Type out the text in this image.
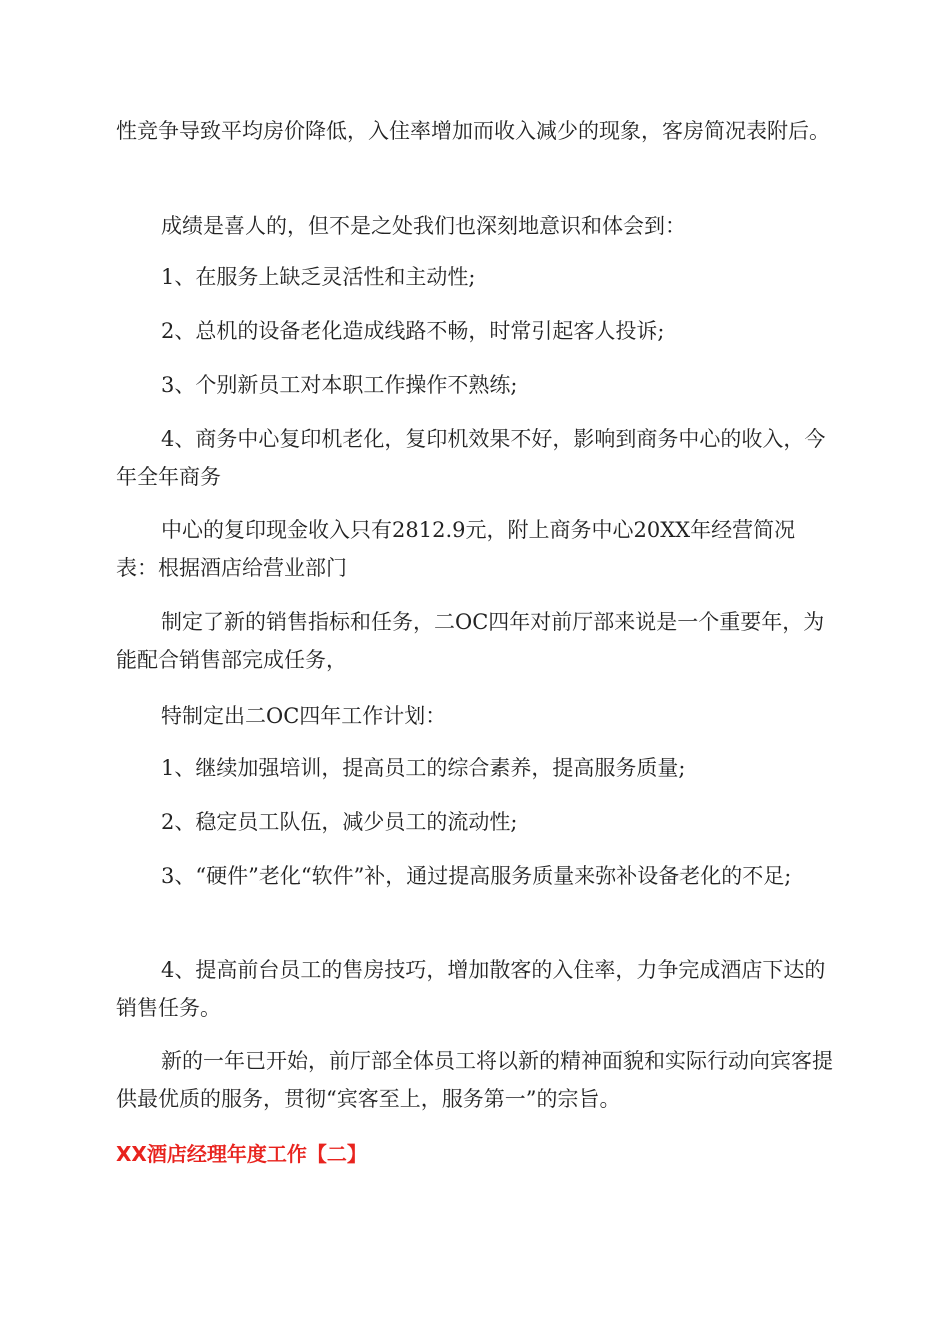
性竞争导致平均房价降低，入住率增加而收入减少的现象，客房简况表附后。

成绩是喜人的，但不是之处我们也深刻地意识和体会到：

1、在服务上缺乏灵活性和主动性;

2、总机的设备老化造成线路不畅，时常引起客人投诉;

3、个别新员工对本职工作操作不熟练;

4、商务中心复印机老化，复印机效果不好，影响到商务中心的收入，今年全年商务

中心的复印现金收入只有2812.9元，附上商务中心20XX年经营简况表：根据酒店给营业部门

制定了新的销售指标和任务，二OC四年对前厅部来说是一个重要年，为能配合销售部完成任务，

特制定出二OC四年工作计划：

1、继续加强培训，提高员工的综合素养，提高服务质量;

2、稳定员工队伍，减少员工的流动性;

3、“硬件”老化“软件”补，通过提高服务质量来弥补设备老化的不足;

4、提高前台员工的售房技巧，增加散客的入住率，力争完成酒店下达的销售任务。

新的一年已开始，前厅部全体员工将以新的精神面貌和实际行动向宾客提供最优质的服务，贯彻“宾客至上，服务第一”的宗旨。

XX酒店经理年度工作【二】
